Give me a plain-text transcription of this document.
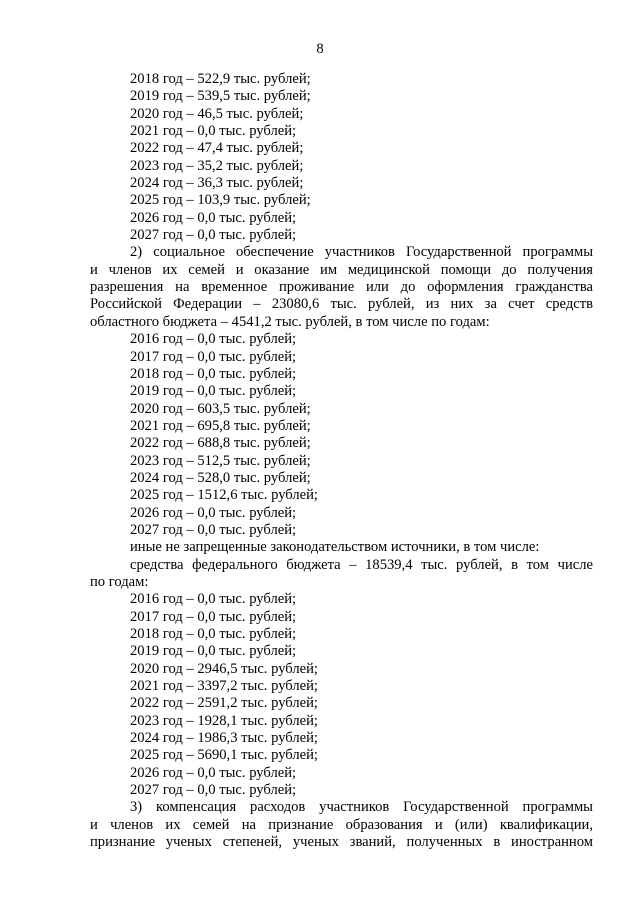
8
2018 год – 522,9 тыс. рублей;
2019 год – 539,5 тыс. рублей;
2020 год – 46,5 тыс. рублей;
2021 год – 0,0 тыс. рублей;
2022 год – 47,4 тыс. рублей;
2023 год – 35,2 тыс. рублей;
2024 год – 36,3 тыс. рублей;
2025 год – 103,9 тыс. рублей;
2026 год – 0,0 тыс. рублей;
2027 год – 0,0 тыс. рублей;
2) социальное обеспечение участников Государственной программы
и членов их семей и оказание им медицинской помощи до получения
разрешения на временное проживание или до оформления гражданства
Российской Федерации – 23080,6 тыс. рублей, из них за счет средств
областного бюджета – 4541,2 тыс. рублей, в том числе по годам:
2016 год – 0,0 тыс. рублей;
2017 год – 0,0 тыс. рублей;
2018 год – 0,0 тыс. рублей;
2019 год – 0,0 тыс. рублей;
2020 год – 603,5 тыс. рублей;
2021 год – 695,8 тыс. рублей;
2022 год – 688,8 тыс. рублей;
2023 год – 512,5 тыс. рублей;
2024 год – 528,0 тыс. рублей;
2025 год – 1512,6 тыс. рублей;
2026 год – 0,0 тыс. рублей;
2027 год – 0,0 тыс. рублей;
иные не запрещенные законодательством источники, в том числе:
средства федерального бюджета – 18539,4 тыс. рублей, в том числе
по годам:
2016 год – 0,0 тыс. рублей;
2017 год – 0,0 тыс. рублей;
2018 год – 0,0 тыс. рублей;
2019 год – 0,0 тыс. рублей;
2020 год – 2946,5 тыс. рублей;
2021 год – 3397,2 тыс. рублей;
2022 год – 2591,2 тыс. рублей;
2023 год – 1928,1 тыс. рублей;
2024 год – 1986,3 тыс. рублей;
2025 год – 5690,1 тыс. рублей;
2026 год – 0,0 тыс. рублей;
2027 год – 0,0 тыс. рублей;
3) компенсация расходов участников Государственной программы
и членов их семей на признание образования и (или) квалификации,
признание ученых степеней, ученых званий, полученных в иностранном
